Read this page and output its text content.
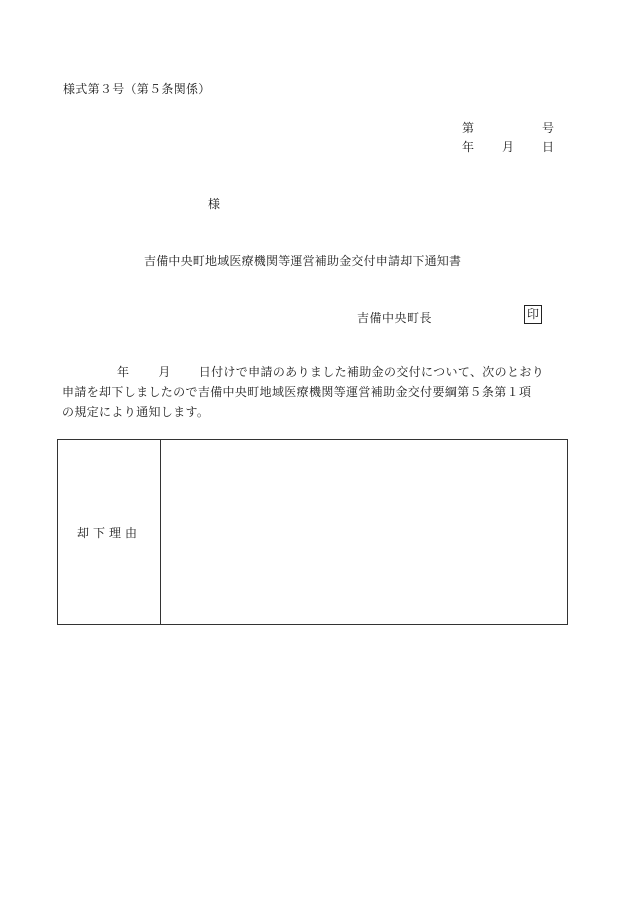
様式第３号（第５条関係）
第	号
年 月 日
様
吉備中央町地域医療機関等運営補助金交付申請却下通知書
吉備中央町長	印
年 月 日付けで申請のありました補助金の交付について、次のとおり
申請を却下しましたので吉備中央町地域医療機関等運営補助金交付要綱第５条第１項
の規定により通知します。
却下理由
